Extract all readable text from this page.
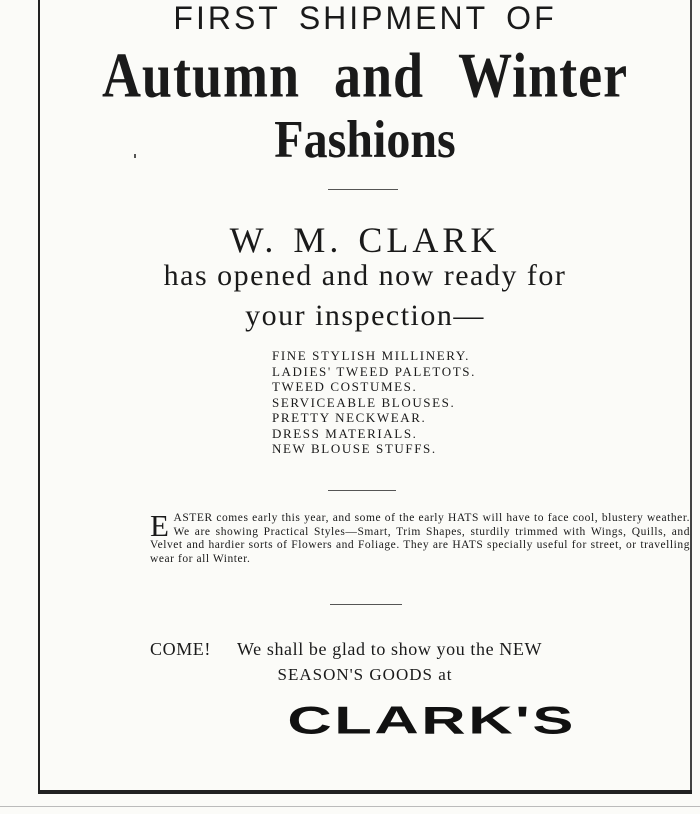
FIRST SHIPMENT OF
Autumn and Winter
Fashions
W. M. CLARK
has opened and now ready for
your inspection—
FINE STYLISH MILLINERY.
LADIES' TWEED PALETOTS.
TWEED COSTUMES.
SERVICEABLE BLOUSES.
PRETTY NECKWEAR.
DRESS MATERIALS.
NEW BLOUSE STUFFS.
EASTER comes early this year, and some of the early HATS will have to face cool, blustery weather. We are showing Practical Styles—Smart, Trim Shapes, sturdily trimmed with Wings, Quills, and Velvet and hardier sorts of Flowers and Foliage. They are HATS specially useful for street, or travelling wear for all Winter.
COME! We shall be glad to show you the NEW
SEASON'S GOODS at
CLARK'S
